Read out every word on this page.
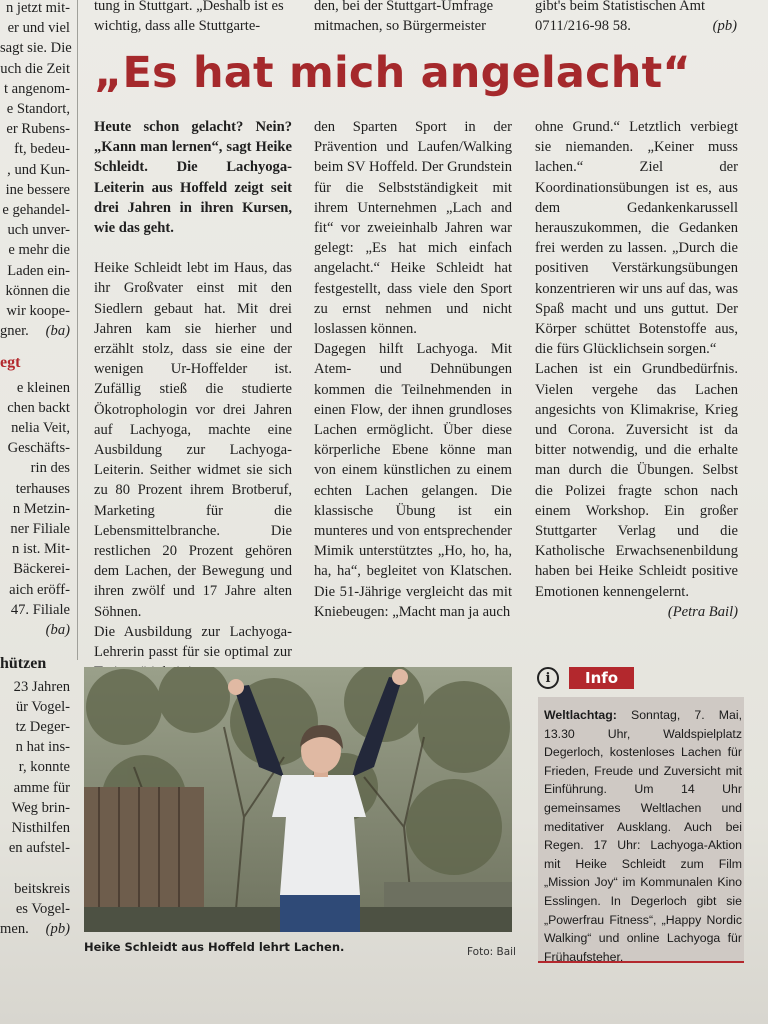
tung in Stuttgart. „Deshalb ist es wichtig, dass alle Stuttgarte-
den, bei der Stuttgart-Umfrage mitmachen, so Bürgermeister
gibt's beim Statistischen Amt
0711/216-98 58.	(pb)
n jetzt mit-
er und viel
sagt sie. Die
uch die Zeit
t angenom-
e Standort,
er Rubens-
ft, bedeu-
, und Kun-
ine bessere
e gehandel-
uch unver-
e mehr die
Laden ein-
können die
wir koope-
gner. (ba)
egt
e kleinen
chen backt
nelia Veit,
Geschäfts-
rin des
terhauses
n Metzin-
ner Filiale
n ist. Mit-
Bäckerei-
aich eröff-
47. Filiale
(ba)
hützen
23 Jahren
ür Vogel-
tz Deger-
n hat ins-
r, konnte
amme für
Weg brin-
Nisthilfen
en aufstel-

beitskreis
es Vogel-
men. (pb)
„Es hat mich angelacht“

Heute schon gelacht? Nein? „Kann man lernen“, sagt Heike Schleidt. Die Lachyoga-Leiterin aus Hoffeld zeigt seit drei Jahren in ihren Kursen, wie das geht.

Heike Schleidt lebt im Haus, das ihr Großvater einst mit den Siedlern gebaut hat. Mit drei Jahren kam sie hierher und erzählt stolz, dass sie eine der wenigen Ur-Hoffelder ist. Zufällig stieß die studierte Ökotrophologin vor drei Jahren auf Lachyoga, machte eine Ausbildung zur Lachyoga-Leiterin. Seither widmet sie sich zu 80 Prozent ihrem Brotberuf, Marketing für die Lebensmittelbranche. Die restlichen 20 Prozent gehören dem Lachen, der Bewegung und ihren zwölf und 17 Jahre alten Söhnen.

Die Ausbildung zur Lachyoga-Lehrerin passt für sie optimal zur

den Sparten Sport in der Prävention und Laufen/Walking beim SV Hoffeld. Der Grundstein für die Selbstständigkeit mit ihrem Unternehmen „Lach and fit“ vor zweieinhalb Jahren war gelegt: „Es hat mich einfach angelacht.“ Heike Schleidt hat festgestellt, dass viele den Sport zu ernst nehmen und nicht loslassen können.

Dagegen hilft Lachyoga. Mit Atem- und Dehnübungen kommen die Teilnehmenden in einen Flow, der ihnen grundloses Lachen ermöglicht. Über diese körperliche Ebene könne man von einem künstlichen zu einem echten Lachen gelangen. Die klassische Übung ist ein munteres und von entsprechender Mimik unterstütztes „Ho, ho, ha, ha, ha“, begleitet von Klatschen. Die 51-Jährige vergleicht das mit Kniebeugen: „Macht man ja auch

ohne Grund.“ Letztlich verbiegt sie niemanden. „Keiner muss lachen.“ Ziel der Koordinationsübungen ist es, aus dem Gedankenkarussell herauszukommen, die Gedanken frei werden zu lassen. „Durch die positiven Verstärkungsübungen konzentrieren wir uns auf das, was Spaß macht und uns guttut. Der Körper schüttet Botenstoffe aus, die fürs Glücklichsein sorgen.“

Lachen ist ein Grundbedürfnis. Vielen vergehe das Lachen angesichts von Klimakrise, Krieg und Corona. Zuversicht ist da bitter notwendig, und die erhalte man durch die Übungen. Selbst die Polizei fragte schon nach einem Workshop. Ein großer Stuttgarter Verlag und die Katholische Erwachsenenbildung haben bei Heike Schleidt positive Emotionen kennengelernt.

(Petra Bail)
Heike Schleidt aus Hoffeld lehrt Lachen.	Foto: Bail
i	Info
Weltlachtag: Sonntag, 7. Mai, 13.30 Uhr, Waldspielplatz Degerloch, kostenloses Lachen für Frieden, Freude und Zuversicht mit Einführung. Um 14 Uhr gemeinsames Weltlachen und meditativer Ausklang. Auch bei Regen. 17 Uhr: Lachyoga-Aktion mit Heike Schleidt zum Film „Mission Joy“ im Kommunalen Kino Esslingen. In Degerloch gibt sie „Powerfrau Fitness“, „Happy Nordic Walking“ und online Lachyoga für Frühaufsteher.
